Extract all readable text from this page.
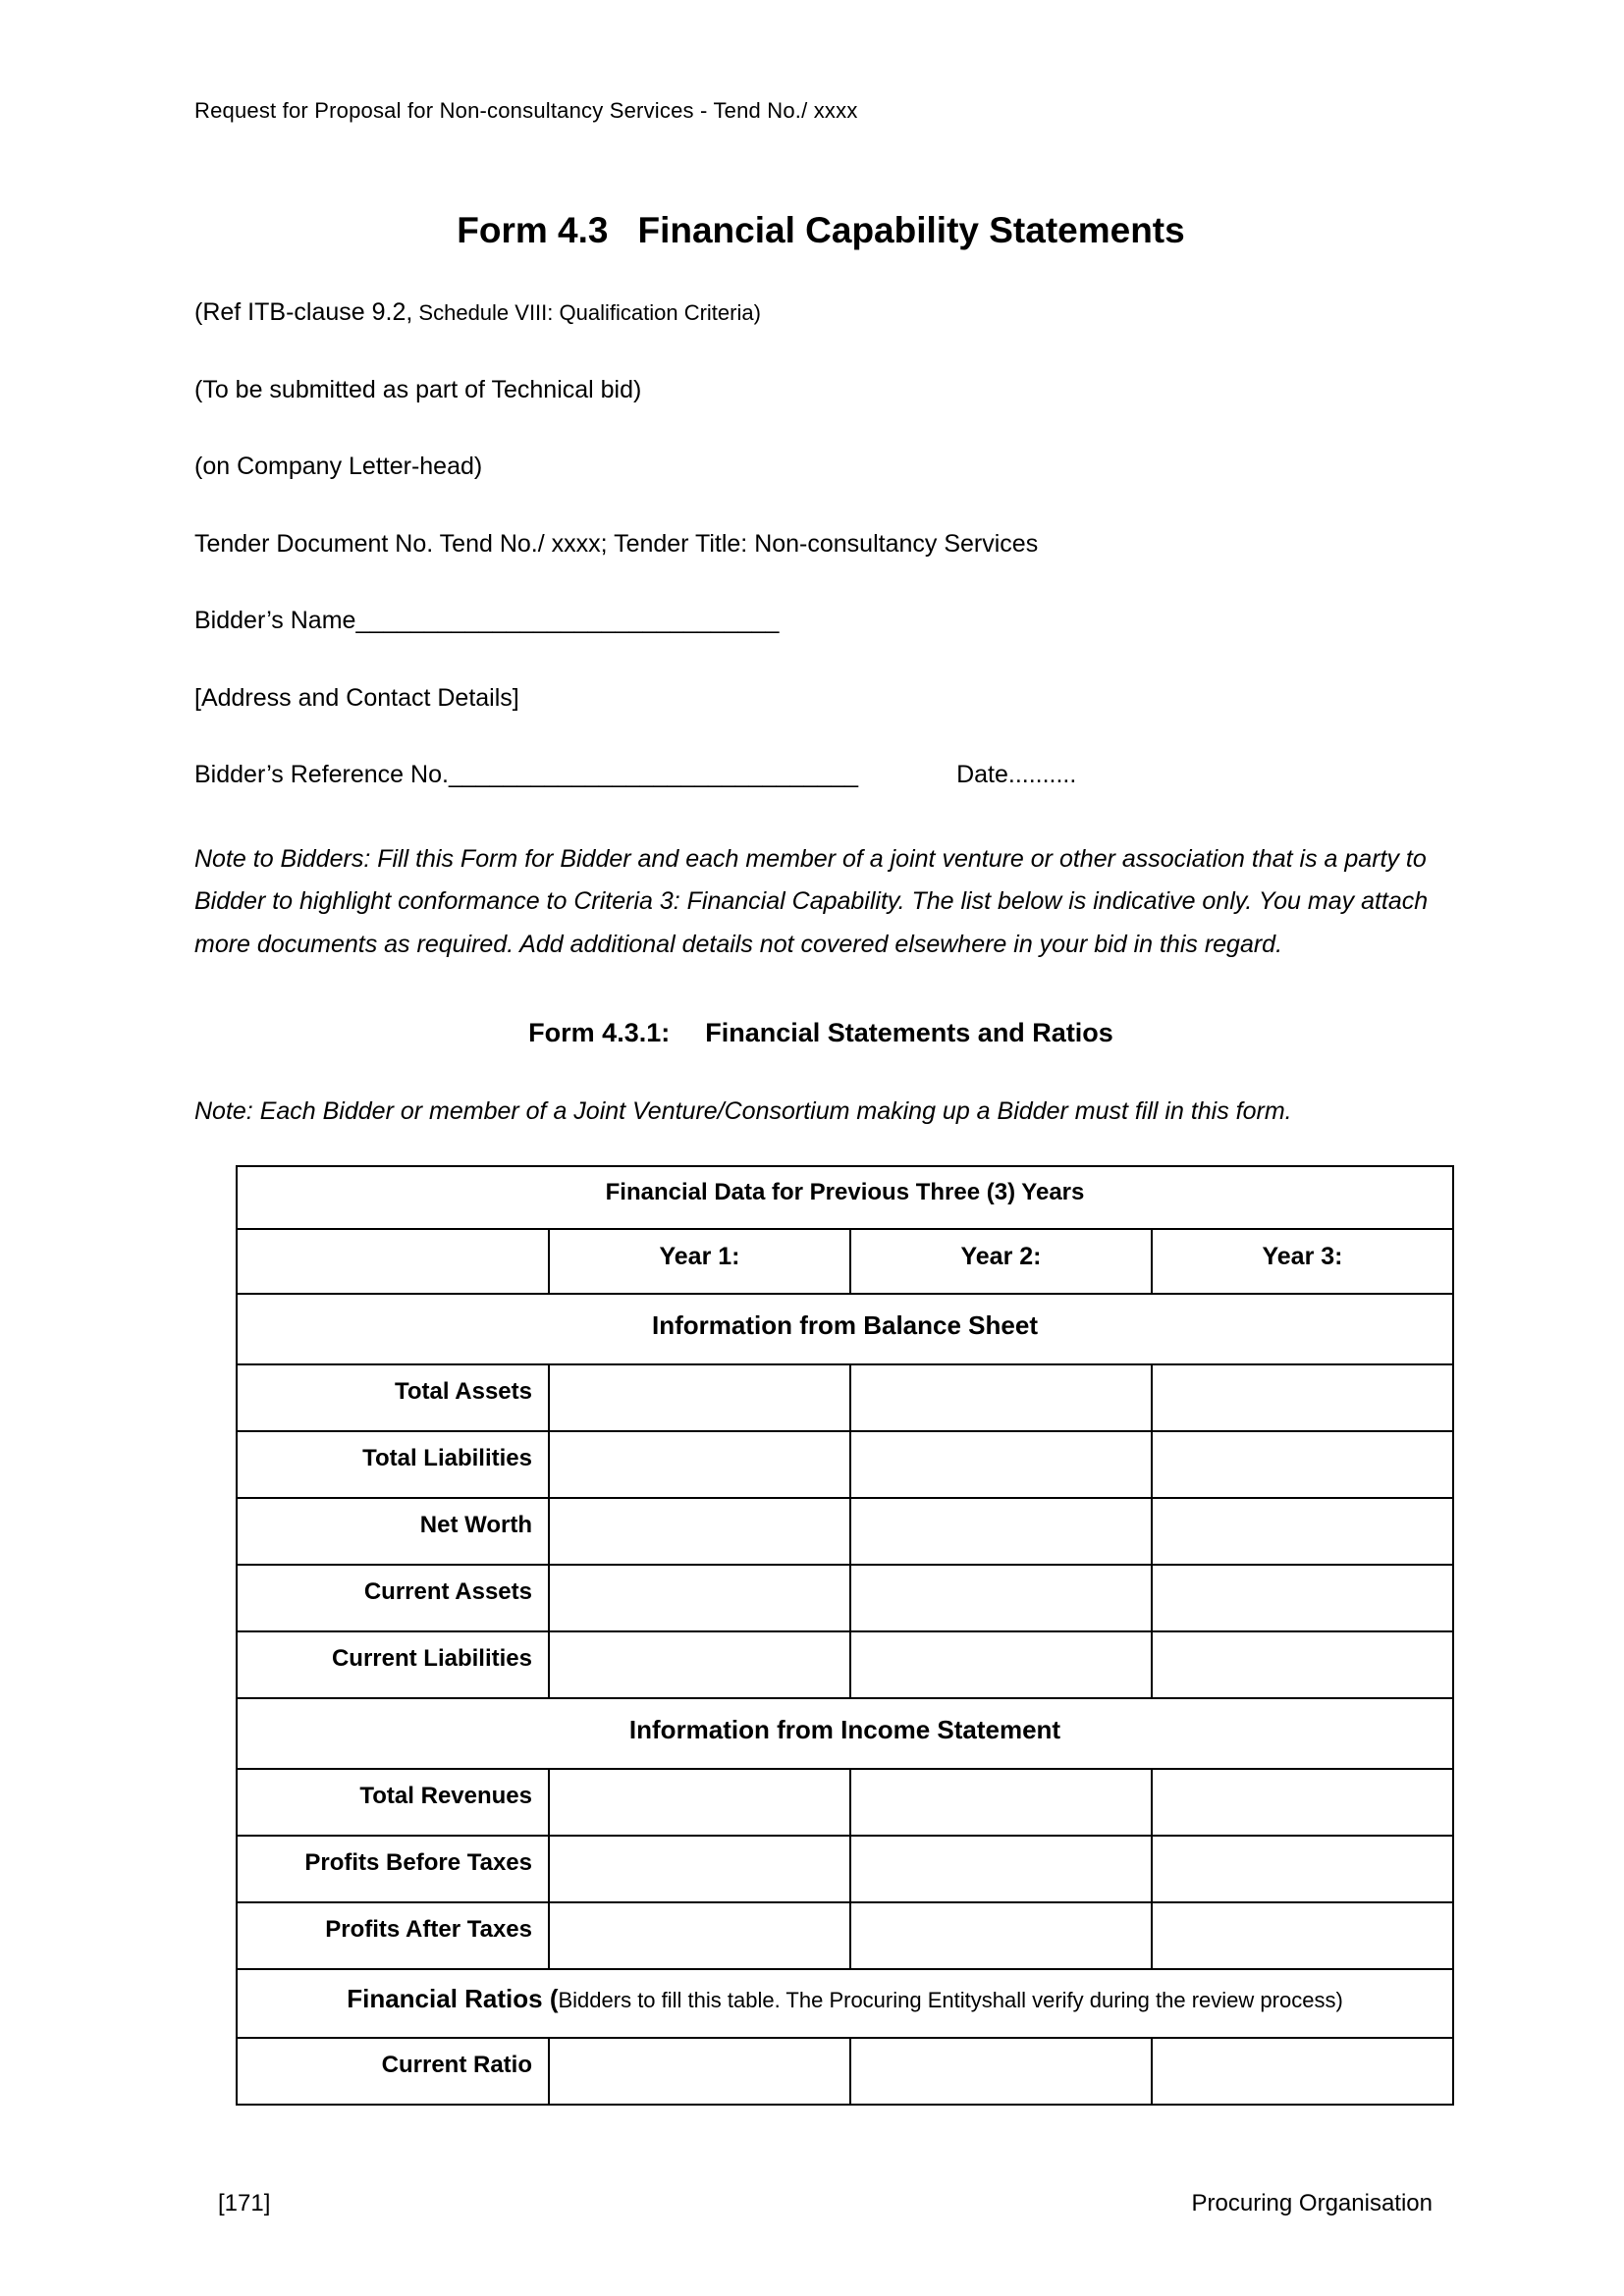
Request for Proposal for Non-consultancy Services - Tend No./ xxxx
Form 4.3 Financial Capability Statements

(Ref ITB-clause 9.2, Schedule VIII: Qualification Criteria)

(To be submitted as part of Technical bid)

(on Company Letter-head)

Tender Document No. Tend No./ xxxx; Tender Title: Non-consultancy Services

Bidder’s Name_______________________________

[Address and Contact Details]

Bidder’s Reference No.______________________________	Date..........

Note to Bidders: Fill this Form for Bidder and each member of a joint venture or other association that is a party to Bidder to highlight conformance to Criteria 3: Financial Capability. The list below is indicative only. You may attach more documents as required. Add additional details not covered elsewhere in your bid in this regard.

Form 4.3.1: Financial Statements and Ratios

Note: Each Bidder or member of a Joint Venture/Consortium making up a Bidder must fill in this form.

Financial Data for Previous Three (3) Years			
	Year 1:	Year 2:	Year 3:
Information from Balance Sheet			
Total Assets			
Total Liabilities			
Net Worth			
Current Assets			
Current Liabilities			
Information from Income Statement			
Total Revenues			
Profits Before Taxes			
Profits After Taxes			
Financial Ratios (Bidders to fill this table. The Procuring Entityshall verify during the review process)			
Current Ratio			
[171]	Procuring Organisation
